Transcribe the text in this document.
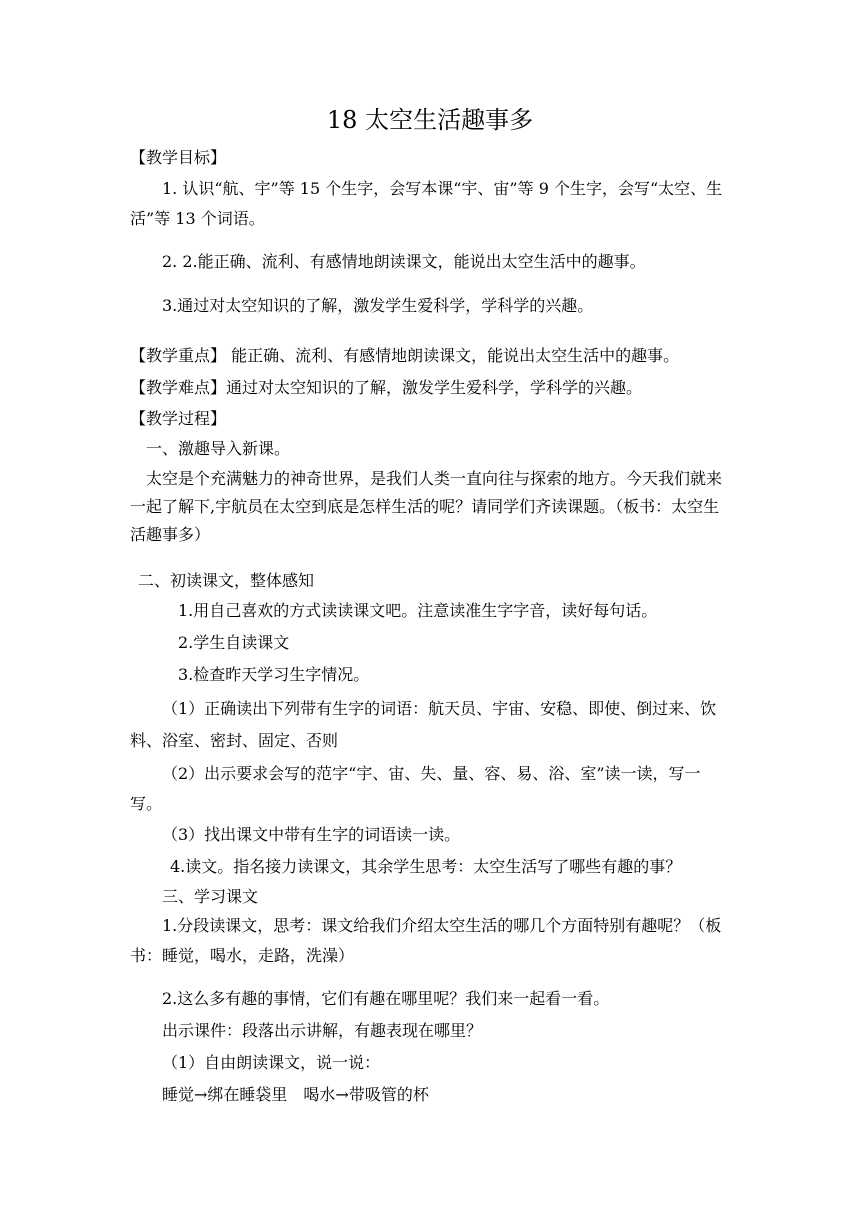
18 太空生活趣事多
【教学目标】
1. 认识“航、宇”等 15 个生字，会写本课“宇、宙”等 9 个生字，会写“太空、生活”等 13 个词语。
2. 2.能正确、流利、有感情地朗读课文，能说出太空生活中的趣事。
3.通过对太空知识的了解，激发学生爱科学，学科学的兴趣。
【教学重点】 能正确、流利、有感情地朗读课文，能说出太空生活中的趣事。
【教学难点】通过对太空知识的了解，激发学生爱科学，学科学的兴趣。
【教学过程】
一、激趣导入新课。
太空是个充满魅力的神奇世界，是我们人类一直向往与探索的地方。今天我们就来一起了解下,宇航员在太空到底是怎样生活的呢？请同学们齐读课题。（板书：太空生活趣事多）
二、初读课文，整体感知
1.用自己喜欢的方式读读课文吧。注意读准生字字音，读好每句话。
2.学生自读课文
3.检查昨天学习生字情况。
（1）正确读出下列带有生字的词语：航天员、宇宙、安稳、即使、倒过来、饮料、浴室、密封、固定、否则
（2）出示要求会写的范字“宇、宙、失、量、容、易、浴、室”读一读，写一写。
（3）找出课文中带有生字的词语读一读。
4.读文。指名接力读课文，其余学生思考：太空生活写了哪些有趣的事？
三、学习课文
1.分段读课文，思考：课文给我们介绍太空生活的哪几个方面特别有趣呢？（板书：睡觉，喝水，走路，洗澡）
2.这么多有趣的事情，它们有趣在哪里呢？我们来一起看一看。
出示课件：段落出示讲解，有趣表现在哪里？
（1）自由朗读课文，说一说：
睡觉→绑在睡袋里　喝水→带吸管的杯
